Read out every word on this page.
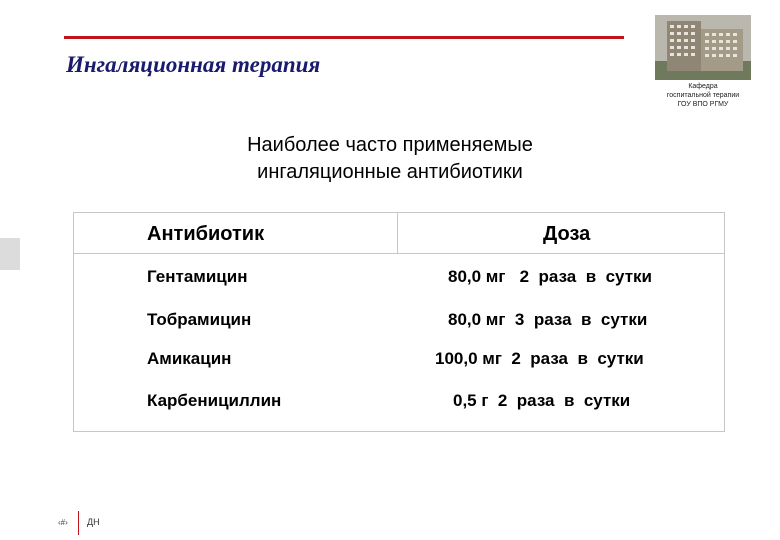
Ингаляционная терапия
Кафедра
госпитальной терапии
ГОУ ВПО РГМУ
Наиболее часто применяемые
ингаляционные антибиотики
Антибиотик	Доза
Гентамицин	80,0 мг   2  раза  в  сутки
Тобрамицин	80,0 мг  3  раза  в  сутки
Амикацин	100,0 мг  2  раза  в  сутки
Карбенициллин	0,5 г  2  раза  в  сутки
‹#› ДН
